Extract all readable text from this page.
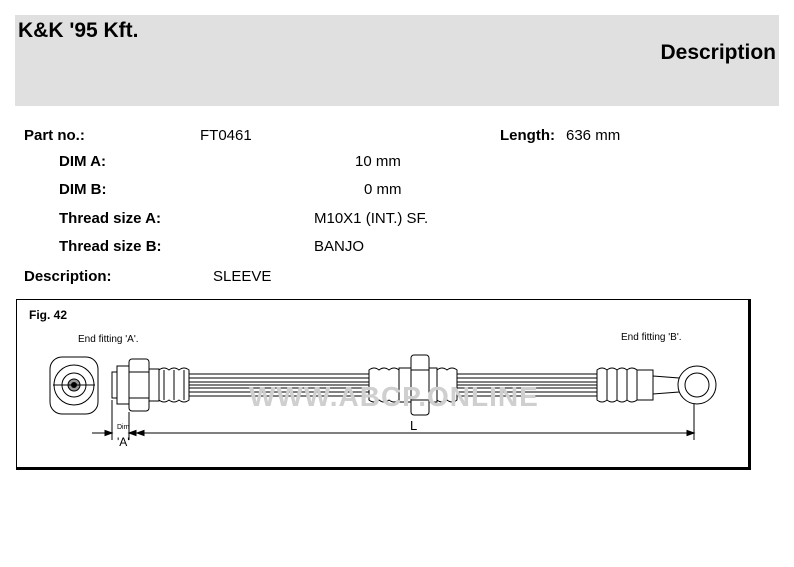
K&K '95 Kft.
Description
Part no.:	FT0461	Length: 636 mm
DIM A:	10 mm
DIM B:	0 mm
Thread size A:	M10X1 (INT.) SF.
Thread size B:	BANJO
Description:	SLEEVE
Fig. 42
End fitting 'A'.	End fitting 'B'.
Dim
'A'
L
WWW.ABCP.ONLINE
